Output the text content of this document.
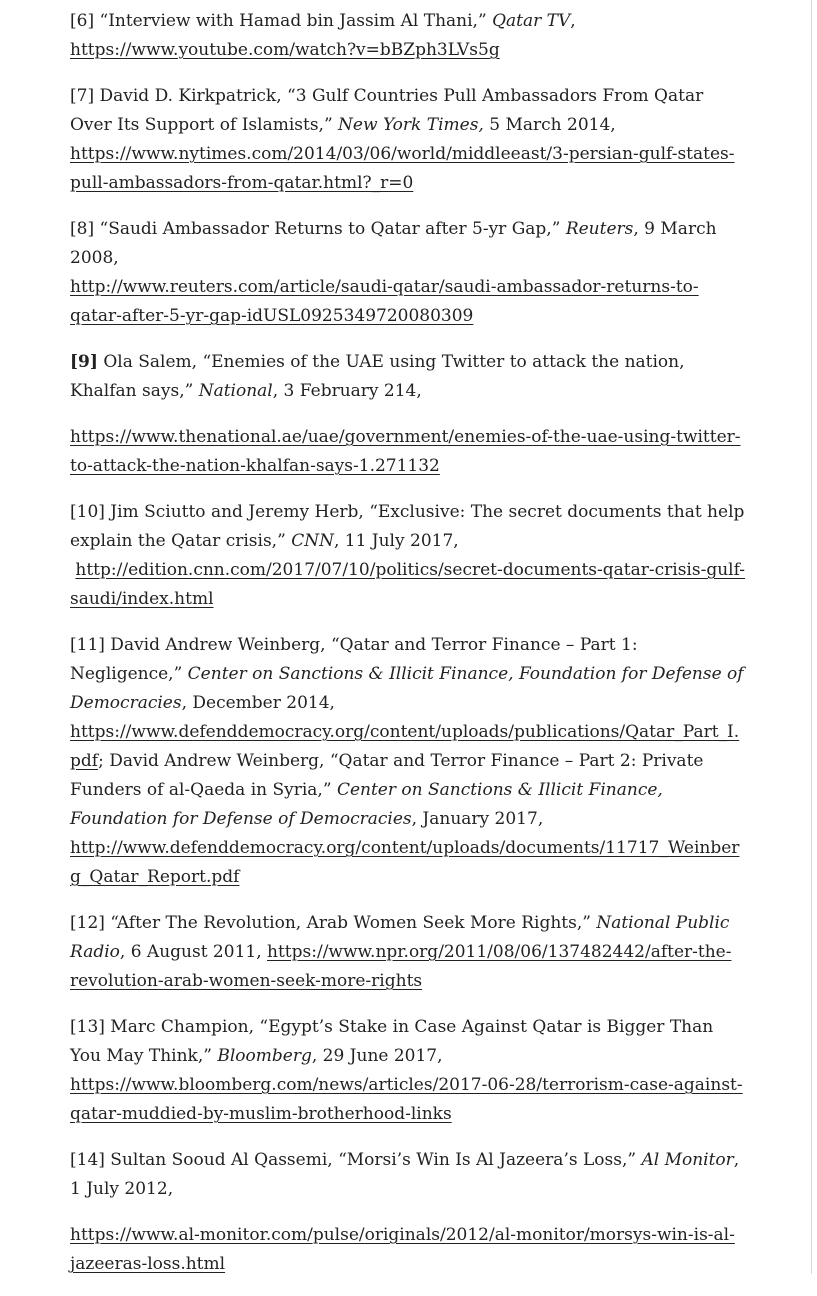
[6] “Interview with Hamad bin Jassim Al Thani,” Qatar TV,
https://www.youtube.com/watch?v=bBZph3LVs5g

[7] David D. Kirkpatrick, “3 Gulf Countries Pull Ambassadors From Qatar Over Its Support of Islamists,” New York Times, 5 March 2014,
https://www.nytimes.com/2014/03/06/world/middleeast/3-persian-gulf-states-pull-ambassadors-from-qatar.html?_r=0

[8] “Saudi Ambassador Returns to Qatar after 5-yr Gap,” Reuters, 9 March 2008,
http://www.reuters.com/article/saudi-qatar/saudi-ambassador-returns-to-qatar-after-5-yr-gap-idUSL0925349720080309

[9] Ola Salem, “Enemies of the UAE using Twitter to attack the nation, Khalfan says,” National, 3 February 214,

https://www.thenational.ae/uae/government/enemies-of-the-uae-using-twitter-to-attack-the-nation-khalfan-says-1.271132

[10] Jim Sciutto and Jeremy Herb, “Exclusive: The secret documents that help explain the Qatar crisis,” CNN, 11 July 2017,
http://edition.cnn.com/2017/07/10/politics/secret-documents-qatar-crisis-gulf-saudi/index.html

[11] David Andrew Weinberg, “Qatar and Terror Finance – Part 1: Negligence,” Center on Sanctions & Illicit Finance, Foundation for Defense of Democracies, December 2014,
https://www.defenddemocracy.org/content/uploads/publications/Qatar_Part_I.pdf; David Andrew Weinberg, “Qatar and Terror Finance – Part 2: Private Funders of al-Qaeda in Syria,” Center on Sanctions & Illicit Finance, Foundation for Defense of Democracies, January 2017,
http://www.defenddemocracy.org/content/uploads/documents/11717_Weinberg_Qatar_Report.pdf

[12] “After The Revolution, Arab Women Seek More Rights,” National Public Radio, 6 August 2011, https://www.npr.org/2011/08/06/137482442/after-the-revolution-arab-women-seek-more-rights

[13] Marc Champion, “Egypt’s Stake in Case Against Qatar is Bigger Than You May Think,” Bloomberg, 29 June 2017,
https://www.bloomberg.com/news/articles/2017-06-28/terrorism-case-against-qatar-muddied-by-muslim-brotherhood-links

[14] Sultan Sooud Al Qassemi, “Morsi’s Win Is Al Jazeera’s Loss,” Al Monitor, 1 July 2012,

https://www.al-monitor.com/pulse/originals/2012/al-monitor/morsys-win-is-al-jazeeras-loss.html
